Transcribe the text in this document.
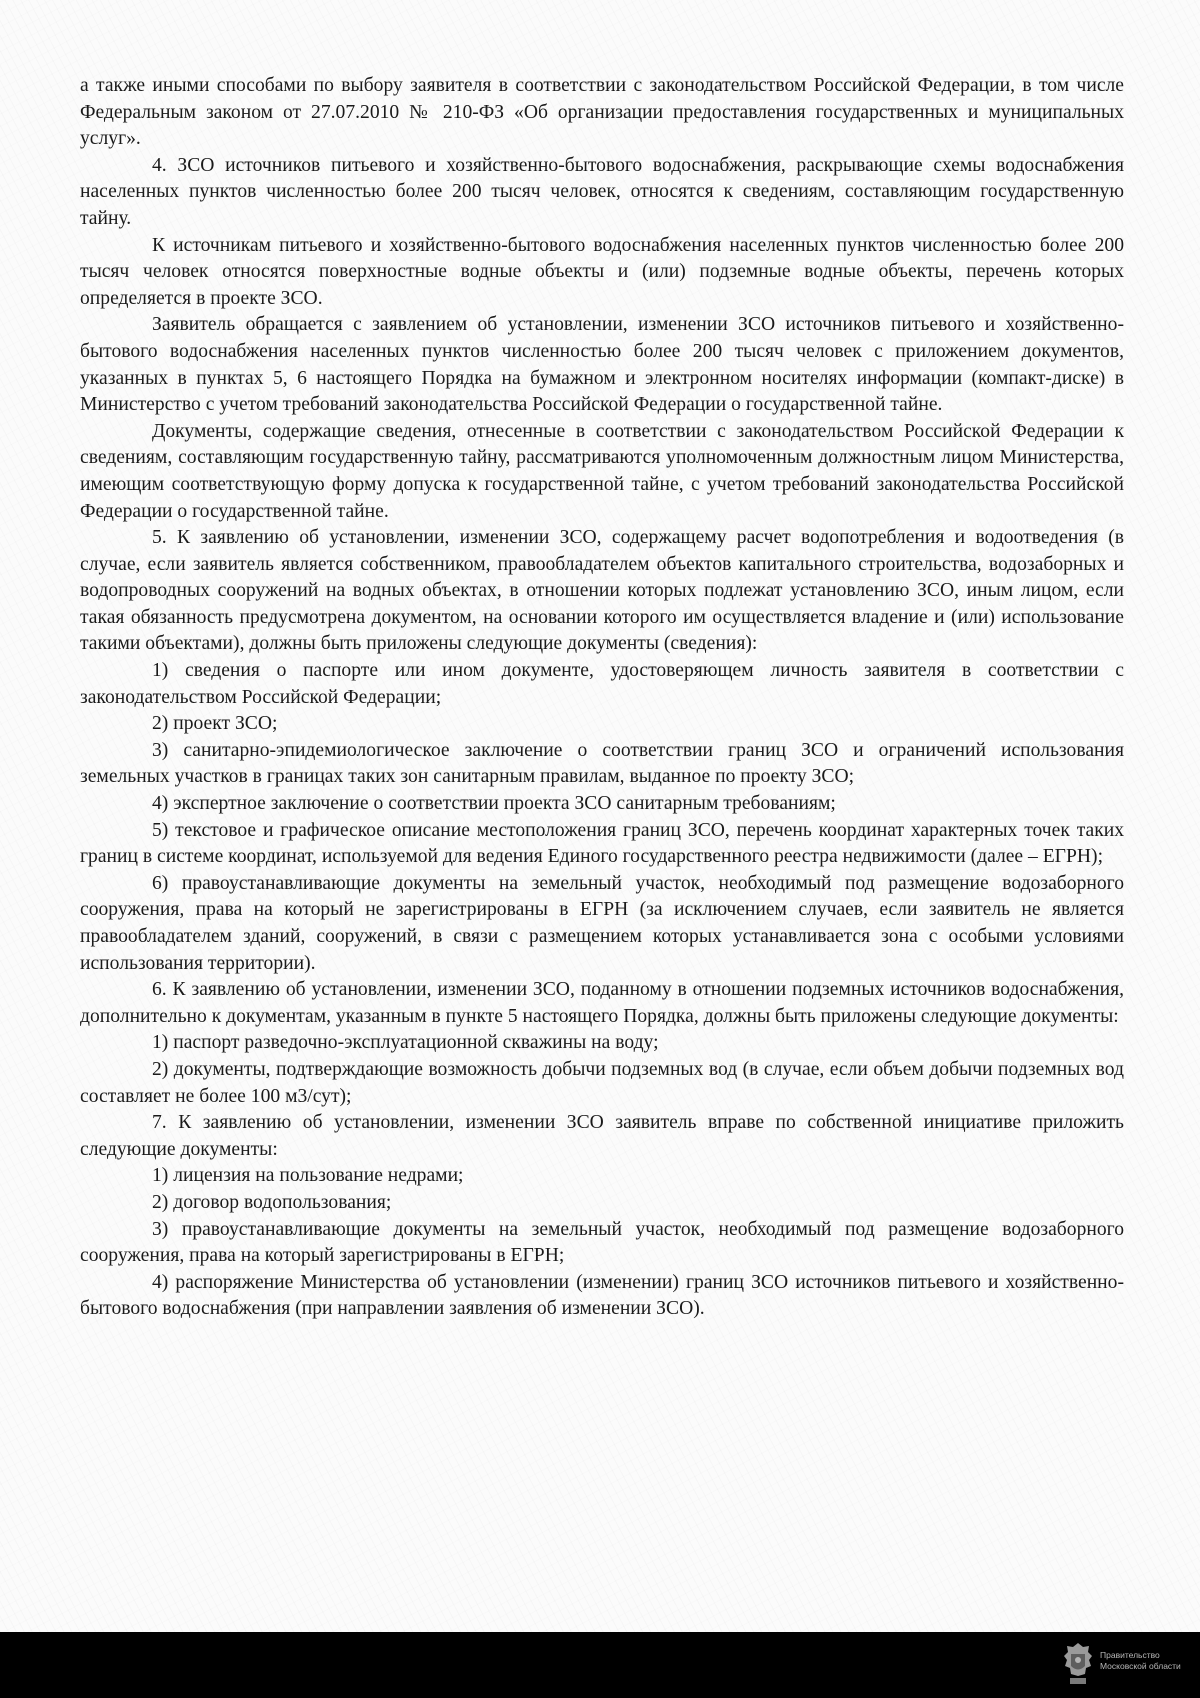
а также иными способами по выбору заявителя в соответствии с законодательством Российской Федерации, в том числе Федеральным законом от 27.07.2010 № 210-ФЗ «Об организации предоставления государственных и муниципальных услуг».

4. ЗСО источников питьевого и хозяйственно-бытового водоснабжения, раскрывающие схемы водоснабжения населенных пунктов численностью более 200 тысяч человек, относятся к сведениям, составляющим государственную тайну.

К источникам питьевого и хозяйственно-бытового водоснабжения населенных пунктов численностью более 200 тысяч человек относятся поверхностные водные объекты и (или) подземные водные объекты, перечень которых определяется в проекте ЗСО.

Заявитель обращается с заявлением об установлении, изменении ЗСО источников питьевого и хозяйственно-бытового водоснабжения населенных пунктов численностью более 200 тысяч человек с приложением документов, указанных в пунктах 5, 6 настоящего Порядка на бумажном и электронном носителях информации (компакт-диске) в Министерство с учетом требований законодательства Российской Федерации о государственной тайне.

Документы, содержащие сведения, отнесенные в соответствии с законодательством Российской Федерации к сведениям, составляющим государственную тайну, рассматриваются уполномоченным должностным лицом Министерства, имеющим соответствующую форму допуска к государственной тайне, с учетом требований законодательства Российской Федерации о государственной тайне.

5. К заявлению об установлении, изменении ЗСО, содержащему расчет водопотребления и водоотведения (в случае, если заявитель является собственником, правообладателем объектов капитального строительства, водозаборных и водопроводных сооружений на водных объектах, в отношении которых подлежат установлению ЗСО, иным лицом, если такая обязанность предусмотрена документом, на основании которого им осуществляется владение и (или) использование такими объектами), должны быть приложены следующие документы (сведения):

1) сведения о паспорте или ином документе, удостоверяющем личность заявителя в соответствии с законодательством Российской Федерации;

2) проект ЗСО;

3) санитарно-эпидемиологическое заключение о соответствии границ ЗСО и ограничений использования земельных участков в границах таких зон санитарным правилам, выданное по проекту ЗСО;

4) экспертное заключение о соответствии проекта ЗСО санитарным требованиям;

5) текстовое и графическое описание местоположения границ ЗСО, перечень координат характерных точек таких границ в системе координат, используемой для ведения Единого государственного реестра недвижимости (далее – ЕГРН);

6) правоустанавливающие документы на земельный участок, необходимый под размещение водозаборного сооружения, права на который не зарегистрированы в ЕГРН (за исключением случаев, если заявитель не является правообладателем зданий, сооружений, в связи с размещением которых устанавливается зона с особыми условиями использования территории).

6. К заявлению об установлении, изменении ЗСО, поданному в отношении подземных источников водоснабжения, дополнительно к документам, указанным в пункте 5 настоящего Порядка, должны быть приложены следующие документы:

1) паспорт разведочно-эксплуатационной скважины на воду;

2) документы, подтверждающие возможность добычи подземных вод (в случае, если объем добычи подземных вод составляет не более 100 м3/сут);

7. К заявлению об установлении, изменении ЗСО заявитель вправе по собственной инициативе приложить следующие документы:

1) лицензия на пользование недрами;

2) договор водопользования;

3) правоустанавливающие документы на земельный участок, необходимый под размещение водозаборного сооружения, права на который зарегистрированы в ЕГРН;

4) распоряжение Министерства об установлении (изменении) границ ЗСО источников питьевого и хозяйственно-бытового водоснабжения (при направлении заявления об изменении ЗСО).

Правительство
Московской области
